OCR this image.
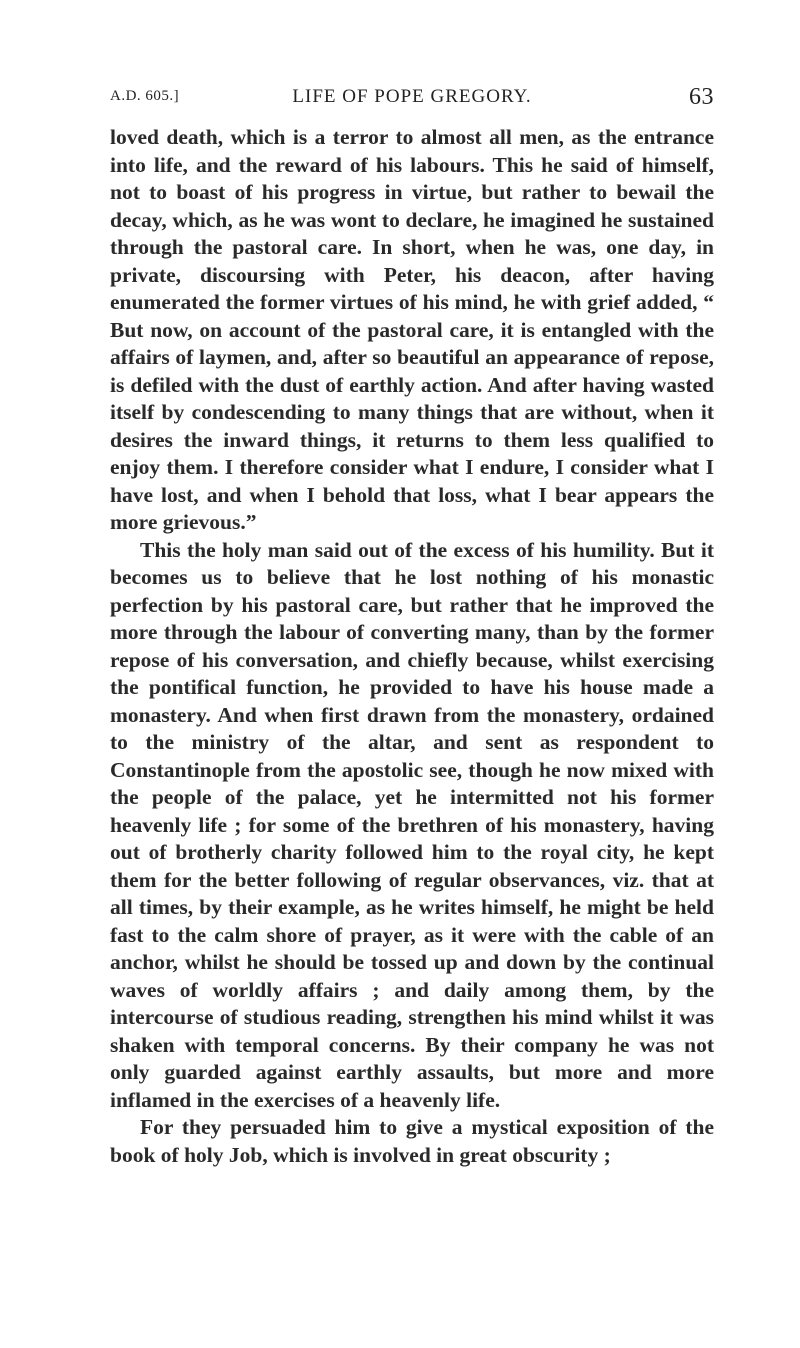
A.D. 605.]	LIFE OF POPE GREGORY.	63

loved death, which is a terror to almost all men, as the entrance into life, and the reward of his labours. This he said of himself, not to boast of his progress in virtue, but rather to bewail the decay, which, as he was wont to declare, he imagined he sustained through the pastoral care. In short, when he was, one day, in private, discoursing with Peter, his deacon, after having enumerated the former virtues of his mind, he with grief added, “ But now, on account of the pastoral care, it is entangled with the affairs of laymen, and, after so beautiful an appearance of repose, is defiled with the dust of earthly action. And after having wasted itself by condescending to many things that are without, when it desires the inward things, it returns to them less qualified to enjoy them. I therefore consider what I endure, I consider what I have lost, and when I behold that loss, what I bear appears the more grievous.”

This the holy man said out of the excess of his humility. But it becomes us to believe that he lost nothing of his monastic perfection by his pastoral care, but rather that he improved the more through the labour of converting many, than by the former repose of his conversation, and chiefly because, whilst exercising the pontifical function, he provided to have his house made a monastery. And when first drawn from the monastery, ordained to the ministry of the altar, and sent as respondent to Constantinople from the apostolic see, though he now mixed with the people of the palace, yet he intermitted not his former heavenly life ; for some of the brethren of his monastery, having out of brotherly charity followed him to the royal city, he kept them for the better following of regular observances, viz. that at all times, by their example, as he writes himself, he might be held fast to the calm shore of prayer, as it were with the cable of an anchor, whilst he should be tossed up and down by the continual waves of worldly affairs ; and daily among them, by the intercourse of studious reading, strengthen his mind whilst it was shaken with temporal concerns. By their company he was not only guarded against earthly assaults, but more and more inflamed in the exercises of a heavenly life.

For they persuaded him to give a mystical exposition of the book of holy Job, which is involved in great obscurity ;
